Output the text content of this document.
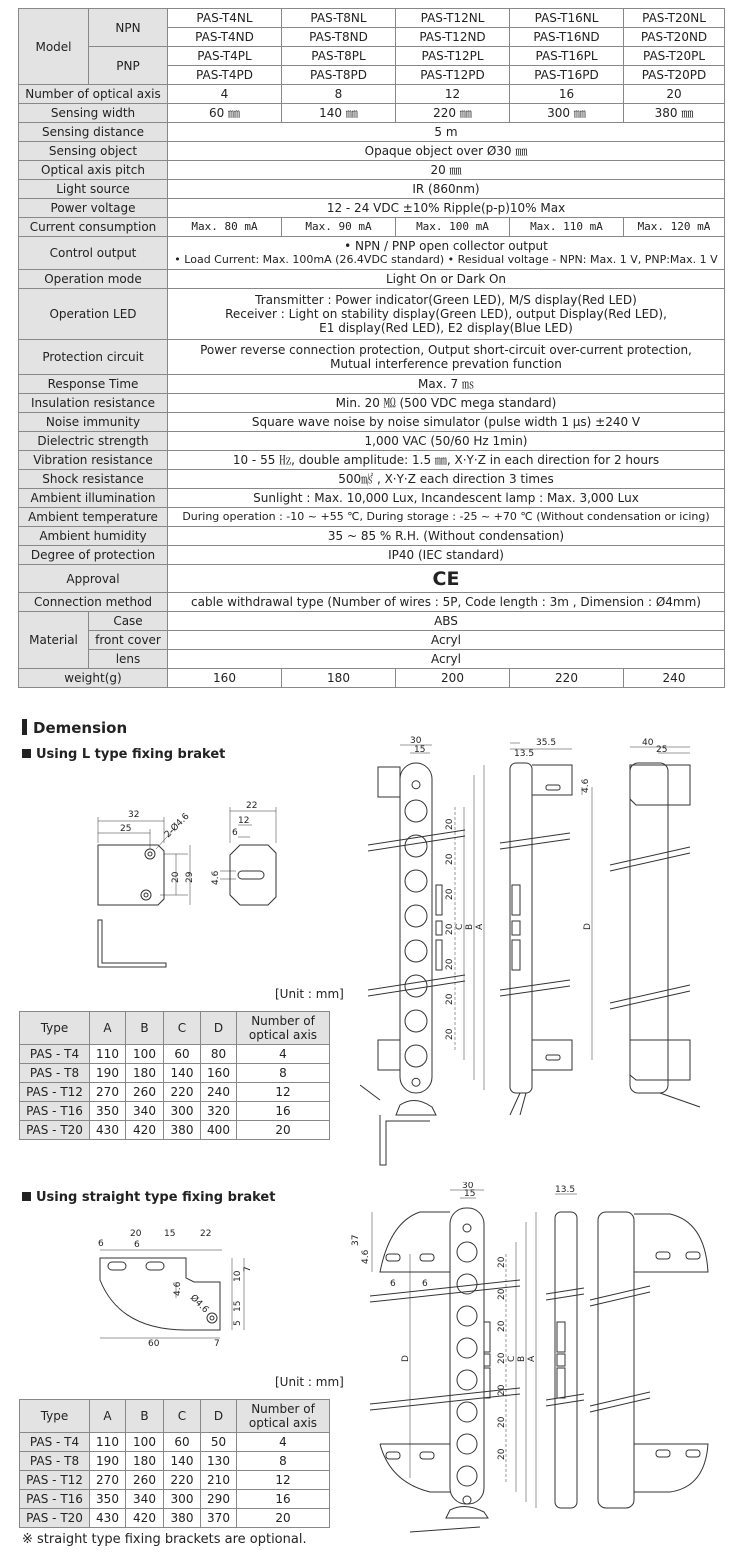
Model	NPN	PAS-T4NL	PAS-T8NL	PAS-T12NL	PAS-T16NL	PAS-T20NL
		PAS-T4ND	PAS-T8ND	PAS-T12ND	PAS-T16ND	PAS-T20ND
	PNP	PAS-T4PL	PAS-T8PL	PAS-T12PL	PAS-T16PL	PAS-T20PL
		PAS-T4PD	PAS-T8PD	PAS-T12PD	PAS-T16PD	PAS-T20PD
Number of optical axis		4	8	12	16	20
Sensing width		60 ㎜	140 ㎜	220 ㎜	300 ㎜	380 ㎜
Sensing distance		5 m				
Sensing object		Opaque object over Ø30 ㎜				
Optical axis pitch		20 ㎜				
Light source		IR (860nm)				
Power voltage		12 - 24 VDC ±10% Ripple(p-p)10% Max				
Current consumption		Max. 80 mA	Max. 90 mA	Max. 100 mA	Max. 110 mA	Max. 120 mA
Control output		• NPN / PNP open collector output
• Load Current: Max. 100mA (26.4VDC standard) • Residual voltage - NPN: Max. 1 V, PNP:Max. 1 V				

Operation mode		Light On or Dark On				
Operation LED		Transmitter : Power indicator(Green LED), M/S display(Red LED)
Receiver : Light on stability display(Green LED), output Display(Red LED),
E1 display(Red LED), E2 display(Blue LED)				

Protection circuit		Power reverse connection protection, Output short-circuit over-current protection,
Mutual interference prevation function				

Response Time		Max. 7 ㎳				
Insulation resistance		Min. 20 ㏁ (500 VDC mega standard)				
Noise immunity		Square wave noise by noise simulator (pulse width 1 μs) ±240 V				
Dielectric strength		1,000 VAC (50/60 Hz 1min)				
Vibration resistance		10 - 55 ㎐, double amplitude: 1.5 ㎜, X·Y·Z in each direction for 2 hours				
Shock resistance		500㎨ , X·Y·Z each direction 3 times				
Ambient illumination		Sunlight : Max. 10,000 Lux, Incandescent lamp : Max. 3,000 Lux				
Ambient temperature		During operation : -10 ~ +55 ℃, During storage : -25 ~ +70 ℃ (Without condensation or icing)				
Ambient humidity		35 ~ 85 % R.H. (Without condensation)				
Degree of protection		IP40 (IEC standard)				
Approval		CE				
Connection method		cable withdrawal type (Number of wires : 5P, Code length : 3m , Dimension : Ø4mm)				
Material	Case	ABS				
	front cover	Acryl				
	lens	Acryl				
weight(g)		160	180	200	220	240
Demension
Using L type fixing braket
32
25	2-Ø4.6
20 29
22
12
6
4.6
30
15	13.5
35.5
4.6
40
25
20
20
20
20
20
20
20
C B A	D
[Unit : mm]
Type	A	B	C	D	Number of
optical axis

PAS - T4	110	100	60	80	4
PAS - T8	190	180	140	160	8
PAS - T12	270	260	220	240	12
PAS - T16	350	340	300	320	16
PAS - T20	430	420	380	400	20
Using straight type fixing braket
6
20
6
15	22
10
7
4.6
Ø4.6	15
5
60	7
30
15	13.5
37
4.6
6	6
20
20
20
20
20
20
20
C B A
D
[Unit : mm]
Type	A	B	C	D	Number of
optical axis

PAS - T4	110	100	60	50	4
PAS - T8	190	180	140	130	8
PAS - T12	270	260	220	210	12
PAS - T16	350	340	300	290	16
PAS - T20	430	420	380	370	20
※ straight type fixing brackets are optional.
